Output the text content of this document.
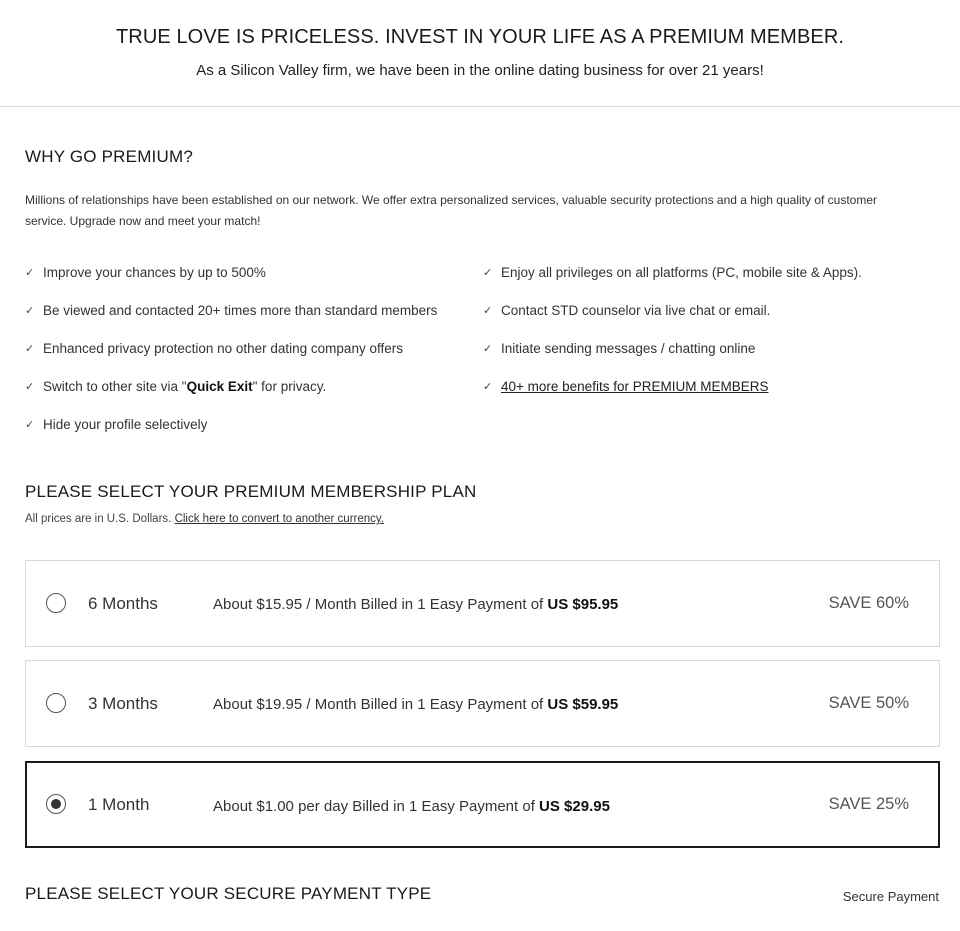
TRUE LOVE IS PRICELESS. INVEST IN YOUR LIFE AS A PREMIUM MEMBER.
As a Silicon Valley firm, we have been in the online dating business for over 21 years!
WHY GO PREMIUM?
Millions of relationships have been established on our network. We offer extra personalized services, valuable security protections and a high quality of customer service. Upgrade now and meet your match!
✓ Improve your chances by up to 500%
✓ Be viewed and contacted 20+ times more than standard members
✓ Enhanced privacy protection no other dating company offers
✓ Switch to other site via "Quick Exit" for privacy.
✓ Hide your profile selectively
✓ Enjoy all privileges on all platforms (PC, mobile site & Apps).
✓ Contact STD counselor via live chat or email.
✓ Initiate sending messages / chatting online
✓ 40+ more benefits for PREMIUM MEMBERS
PLEASE SELECT YOUR PREMIUM MEMBERSHIP PLAN
All prices are in U.S. Dollars. Click here to convert to another currency.
6 Months	About $15.95 / Month Billed in 1 Easy Payment of US $95.95	SAVE 60%
3 Months	About $19.95 / Month Billed in 1 Easy Payment of US $59.95	SAVE 50%
1 Month	About $1.00 per day Billed in 1 Easy Payment of US $29.95	SAVE 25%
PLEASE SELECT YOUR SECURE PAYMENT TYPE	Secure Payment
